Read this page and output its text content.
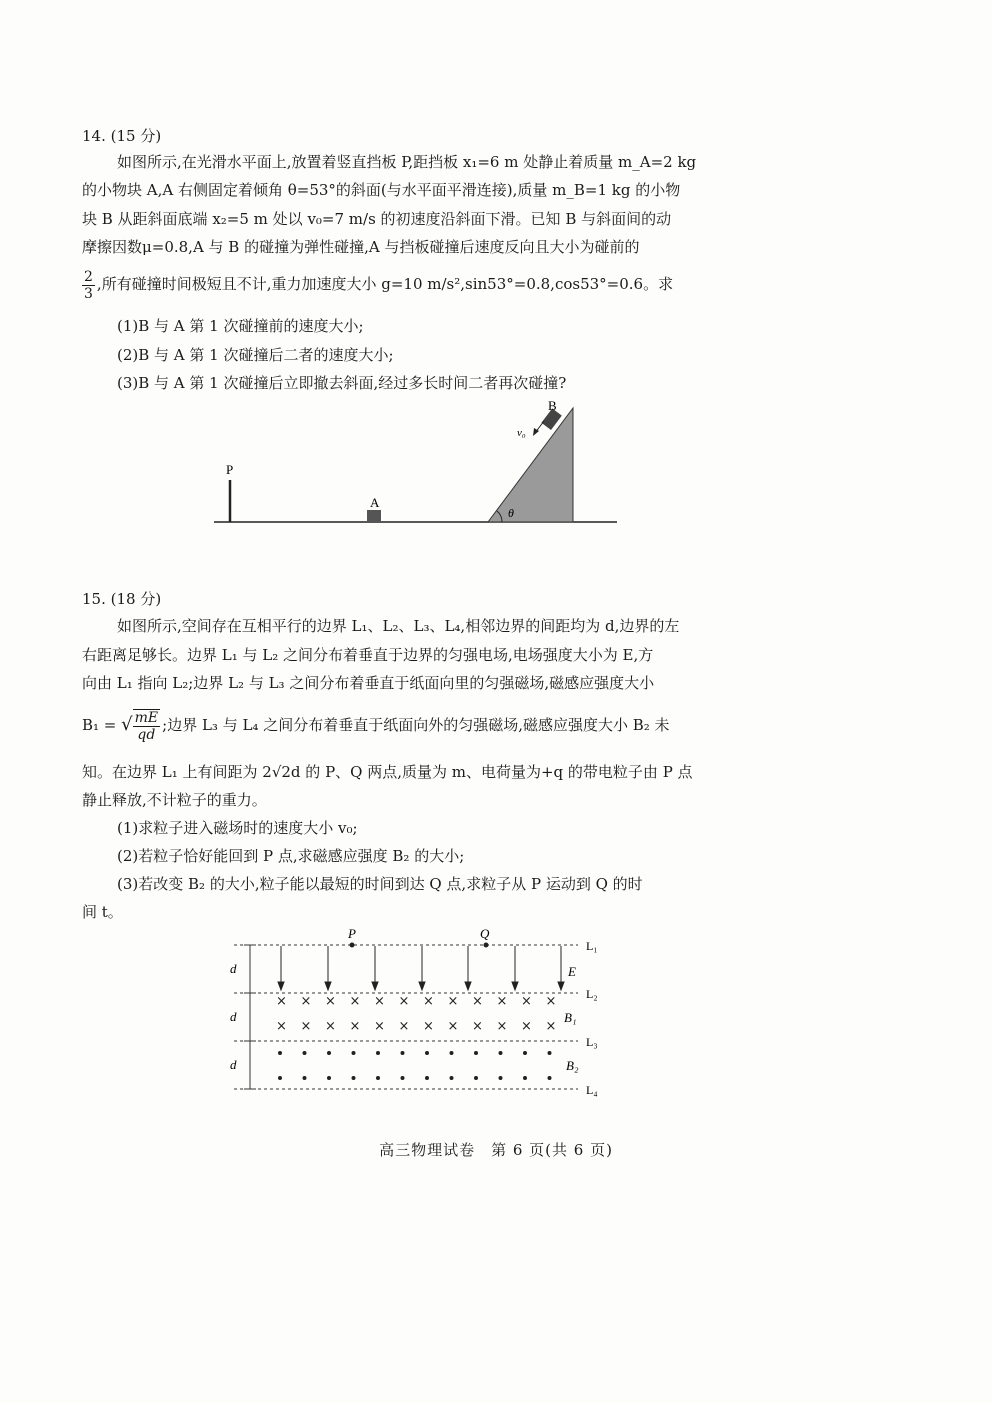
14. (15 分)
如图所示,在光滑水平面上,放置着竖直挡板 P,距挡板 x₁=6 m 处静止着质量 m_A=2 kg
的小物块 A,A 右侧固定着倾角 θ=53°的斜面(与水平面平滑连接),质量 m_B=1 kg 的小物
块 B 从距斜面底端 x₂=5 m 处以 v₀=7 m/s 的初速度沿斜面下滑。已知 B 与斜面间的动
摩擦因数μ=0.8,A 与 B 的碰撞为弹性碰撞,A 与挡板碰撞后速度反向且大小为碰前的
$\frac{2}{3}$ ,所有碰撞时间极短且不计,重力加速度大小 g=10 m/s²,sin53°=0.8,cos53°=0.6。求
(1)B 与 A 第 1 次碰撞前的速度大小;
(2)B 与 A 第 1 次碰撞后二者的速度大小;
(3)B 与 A 第 1 次碰撞后立即撤去斜面,经过多长时间二者再次碰撞?
P
A
θ
B
v₀
15. (18 分)
如图所示,空间存在互相平行的边界 L₁、L₂、L₃、L₄,相邻边界的间距均为 d,边界的左
右距离足够长。边界 L₁ 与 L₂ 之间分布着垂直于边界的匀强电场,电场强度大小为 E,方
向由 L₁ 指向 L₂;边界 L₂ 与 L₃ 之间分布着垂直于纸面向里的匀强磁场,磁感应强度大小
B₁ = √ $\frac{mE}{qd}$ ;边界 L₃ 与 L₄ 之间分布着垂直于纸面向外的匀强磁场,磁感应强度大小 B₂ 未
知。在边界 L₁ 上有间距为 2√2d 的 P、Q 两点,质量为 m、电荷量为+q 的带电粒子由 P 点
静止释放,不计粒子的重力。
(1)求粒子进入磁场时的速度大小 v₀;
(2)若粒子恰好能回到 P 点,求磁感应强度 B₂ 的大小;
(3)若改变 B₂ 的大小,粒子能以最短的时间到达 Q 点,求粒子从 P 运动到 Q 的时
间 t。
L₁
L₂
L₃
L₄
d
d
d
×
×
×
×
×
×
×
×
×
×
×
×
×
×
×
×
×
×
×
×
×
×
×
×
P	Q
E
B₁
B₂
高三物理试卷　第 6 页(共 6 页)
